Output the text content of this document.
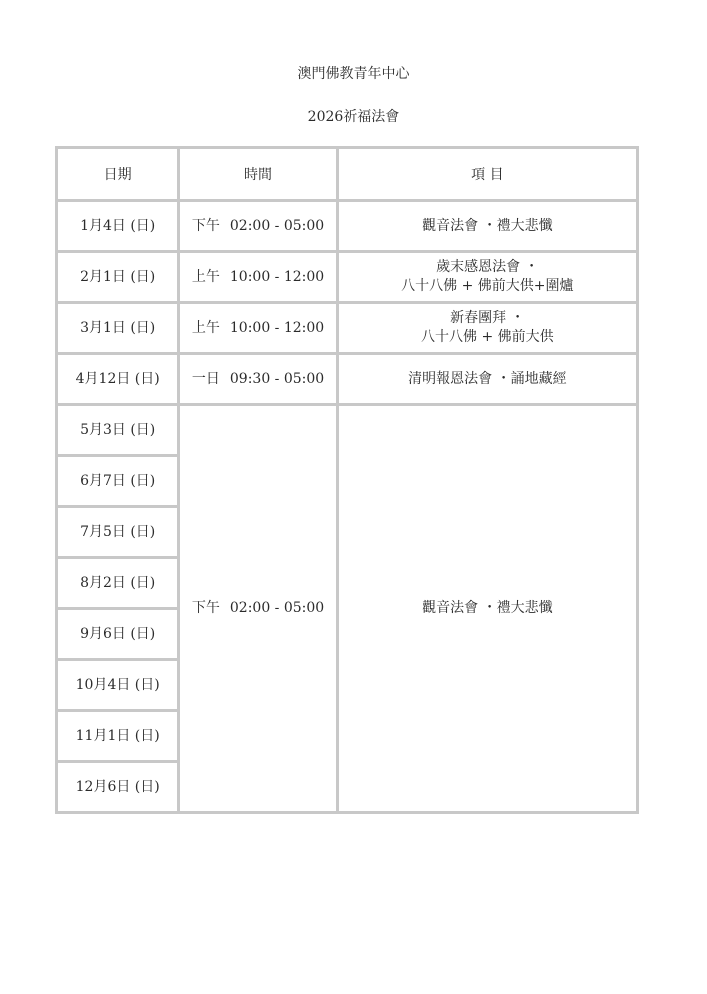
澳門佛教青年中心
2026祈福法會
日期	時間	項 目
1月4日 (日)	下午 02:00 - 05:00	觀音法會 ・禮大悲懺
2月1日 (日)	上午 10:00 - 12:00	歲末感恩法會 ・
八十八佛 + 佛前大供+圍爐
3月1日 (日)	上午 10:00 - 12:00	新春團拜 ・
八十八佛 + 佛前大供
4月12日 (日)	一日 09:30 - 05:00	清明報恩法會 ・誦地藏經
5月3日 (日)	下午 02:00 - 05:00	觀音法會 ・禮大悲懺
6月7日 (日)		
7月5日 (日)		
8月2日 (日)		
9月6日 (日)		
10月4日 (日)		
11月1日 (日)		
12月6日 (日)		
